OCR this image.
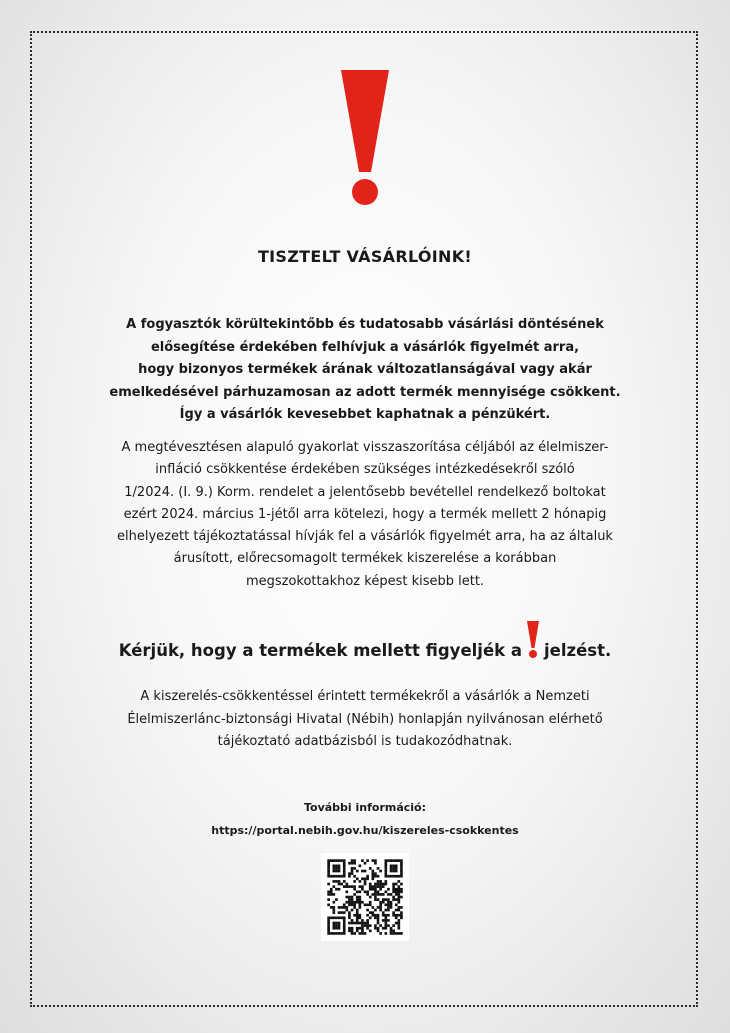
TISZTELT VÁSÁRLÓINK!
A fogyasztók körültekintőbb és tudatosabb vásárlási döntésének
elősegítése érdekében felhívjuk a vásárlók figyelmét arra,
hogy bizonyos termékek árának változatlanságával vagy akár
emelkedésével párhuzamosan az adott termék mennyisége csökkent.
Így a vásárlók kevesebbet kaphatnak a pénzükért.
A megtévesztésen alapuló gyakorlat visszaszorítása céljából az élelmiszer-
infláció csökkentése érdekében szükséges intézkedésekről szóló
1/2024. (I. 9.) Korm. rendelet a jelentősebb bevétellel rendelkező boltokat
ezért 2024. március 1-jétől arra kötelezi, hogy a termék mellett 2 hónapig
elhelyezett tájékoztatással hívják fel a vásárlók figyelmét arra, ha az általuk
árusított, előrecsomagolt termékek kiszerelése a korábban
megszokottakhoz képest kisebb lett.
Kérjük, hogy a termékek mellett figyeljék a jelzést.
A kiszerelés-csökkentéssel érintett termékekről a vásárlók a Nemzeti
Élelmiszerlánc-biztonsági Hivatal (Nébih) honlapján nyilvánosan elérhető
tájékoztató adatbázisból is tudakozódhatnak.
További információ:
https://portal.nebih.gov.hu/kiszereles-csokkentes
